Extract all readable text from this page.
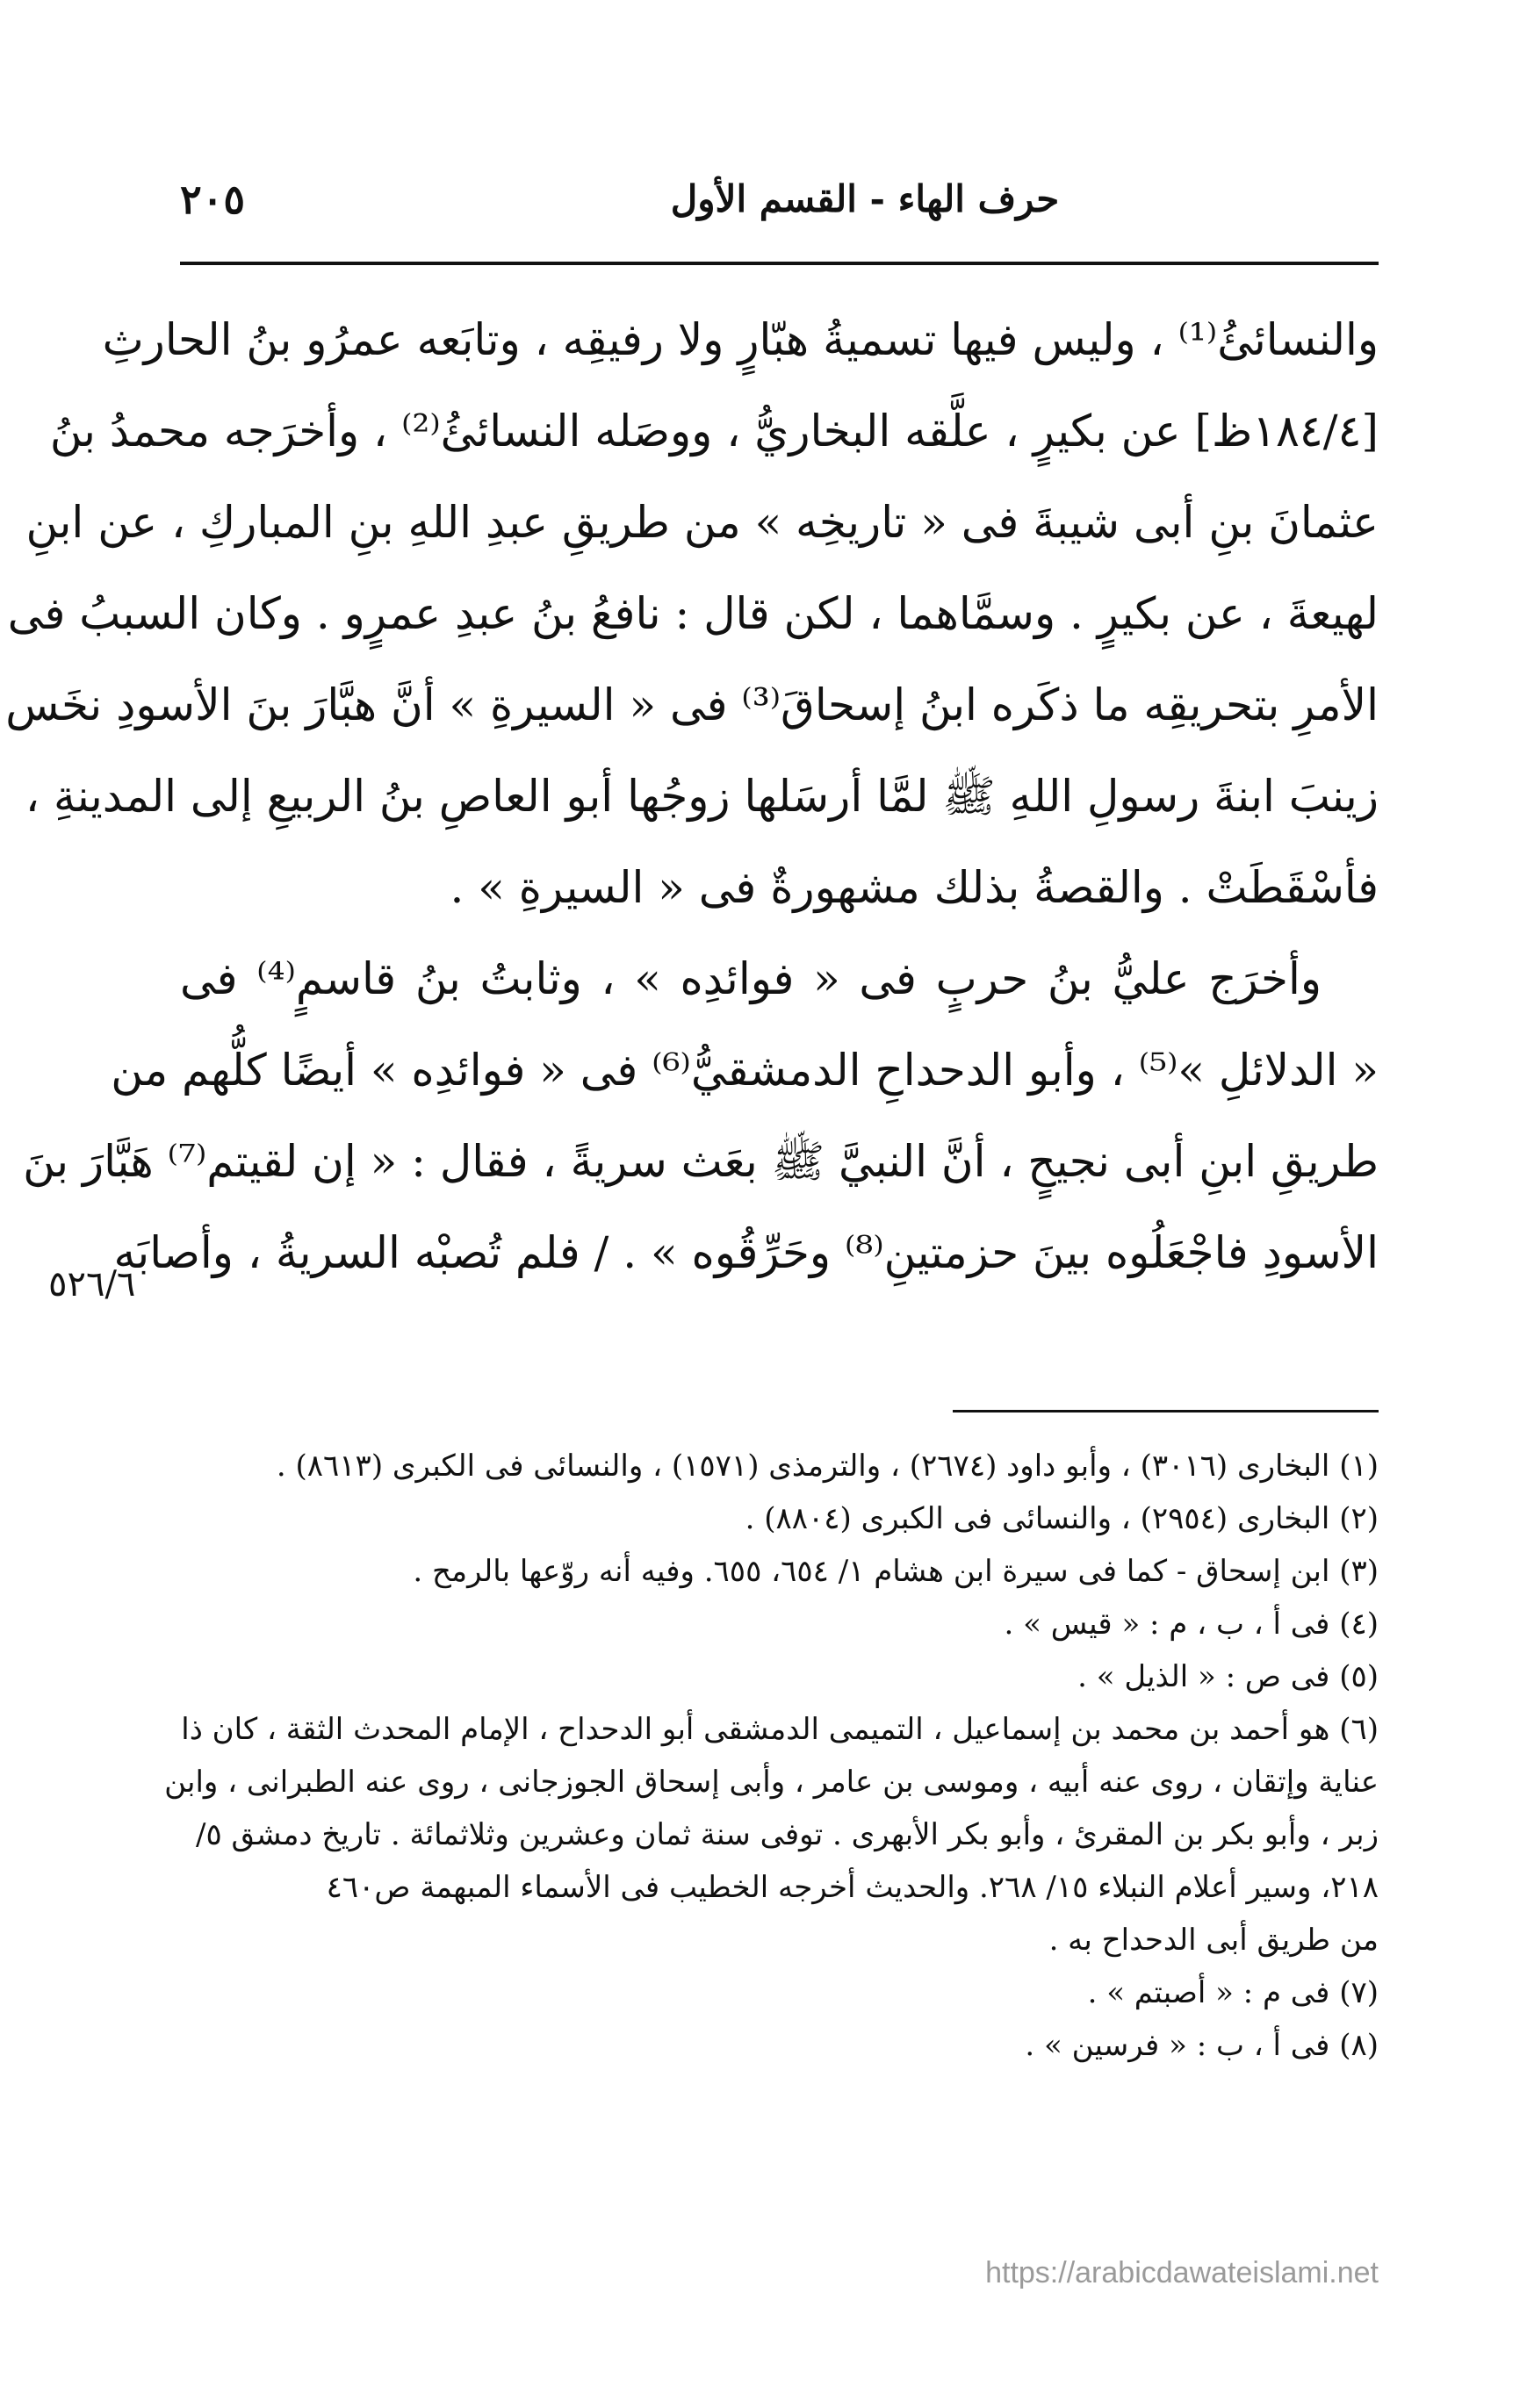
٢٠٥	حرف الهاء - القسم الأول
والنسائئُ⁽¹⁾ ، وليس فيها تسميةُ هبّارٍ ولا رفيقِه ، وتابَعه عمرُو بنُ الحارثِ
[١٨٤/٤ظ] عن بكيرٍ ، علَّقه البخاريُّ ، ووصَله النسائئُ⁽²⁾ ، وأخرَجه محمدُ بنُ
عثمانَ بنِ أبى شيبةَ فى « تاريخِه » من طريقِ عبدِ اللهِ بنِ المباركِ ، عن ابنِ
لهيعةَ ، عن بكيرٍ . وسمَّاهما ، لكن قال : نافعُ بنُ عبدِ عمرٍو . وكان السببُ فى
الأمرِ بتحريقِه ما ذكَره ابنُ إسحاقَ⁽³⁾ فى « السيرةِ » أنَّ هبَّارَ بنَ الأسودِ نخَس
زينبَ ابنةَ رسولِ اللهِ ﷺ لمَّا أرسَلها زوجُها أبو العاصِ بنُ الربيعِ إلى المدينةِ ،
فأسْقَطَتْ . والقصةُ بذلك مشهورةٌ فى « السيرةِ » .
وأخرَج عليُّ بنُ حربٍ فى « فوائدِه » ، وثابتُ بنُ قاسمٍ⁽⁴⁾ فى
« الدلائلِ »⁽⁵⁾ ، وأبو الدحداحِ الدمشقيُّ⁽⁶⁾ فى « فوائدِه » أيضًا كلُّهم من
طريقِ ابنِ أبى نجيحٍ ، أنَّ النبيَّ ﷺ بعَث سريةً ، فقال : « إن لقيتم⁽⁷⁾ هَبَّارَ بنَ
الأسودِ فاجْعَلُوه بينَ حزمتينِ⁽⁸⁾ وحَرِّقُوه » . / فلم تُصبْه السريةُ ، وأصابَه
٥٢٦/٦
(١) البخارى (٣٠١٦) ، وأبو داود (٢٦٧٤) ، والترمذى (١٥٧١) ، والنسائى فى الكبرى (٨٦١٣) .
(٢) البخارى (٢٩٥٤) ، والنسائى فى الكبرى (٨٨٠٤) .
(٣) ابن إسحاق - كما فى سيرة ابن هشام ١/ ٦٥٤، ٦٥٥. وفيه أنه روّعها بالرمح .
(٤) فى أ ، ب ، م : « قيس » .
(٥) فى ص : « الذيل » .
(٦) هو أحمد بن محمد بن إسماعيل ، التميمى الدمشقى أبو الدحداح ، الإمام المحدث الثقة ، كان ذا
عناية وإتقان ، روى عنه أبيه ، وموسى بن عامر ، وأبى إسحاق الجوزجانى ، روى عنه الطبرانى ، وابن
زبر ، وأبو بكر بن المقرئ ، وأبو بكر الأبهرى . توفى سنة ثمان وعشرين وثلاثمائة . تاريخ دمشق ٥/
٢١٨، وسير أعلام النبلاء ١٥/ ٢٦٨. والحديث أخرجه الخطيب فى الأسماء المبهمة ص٤٦٠
من طريق أبى الدحداح به .
(٧) فى م : « أصبتم » .
(٨) فى أ ، ب : « فرسين » .
https://arabicdawateislami.net
